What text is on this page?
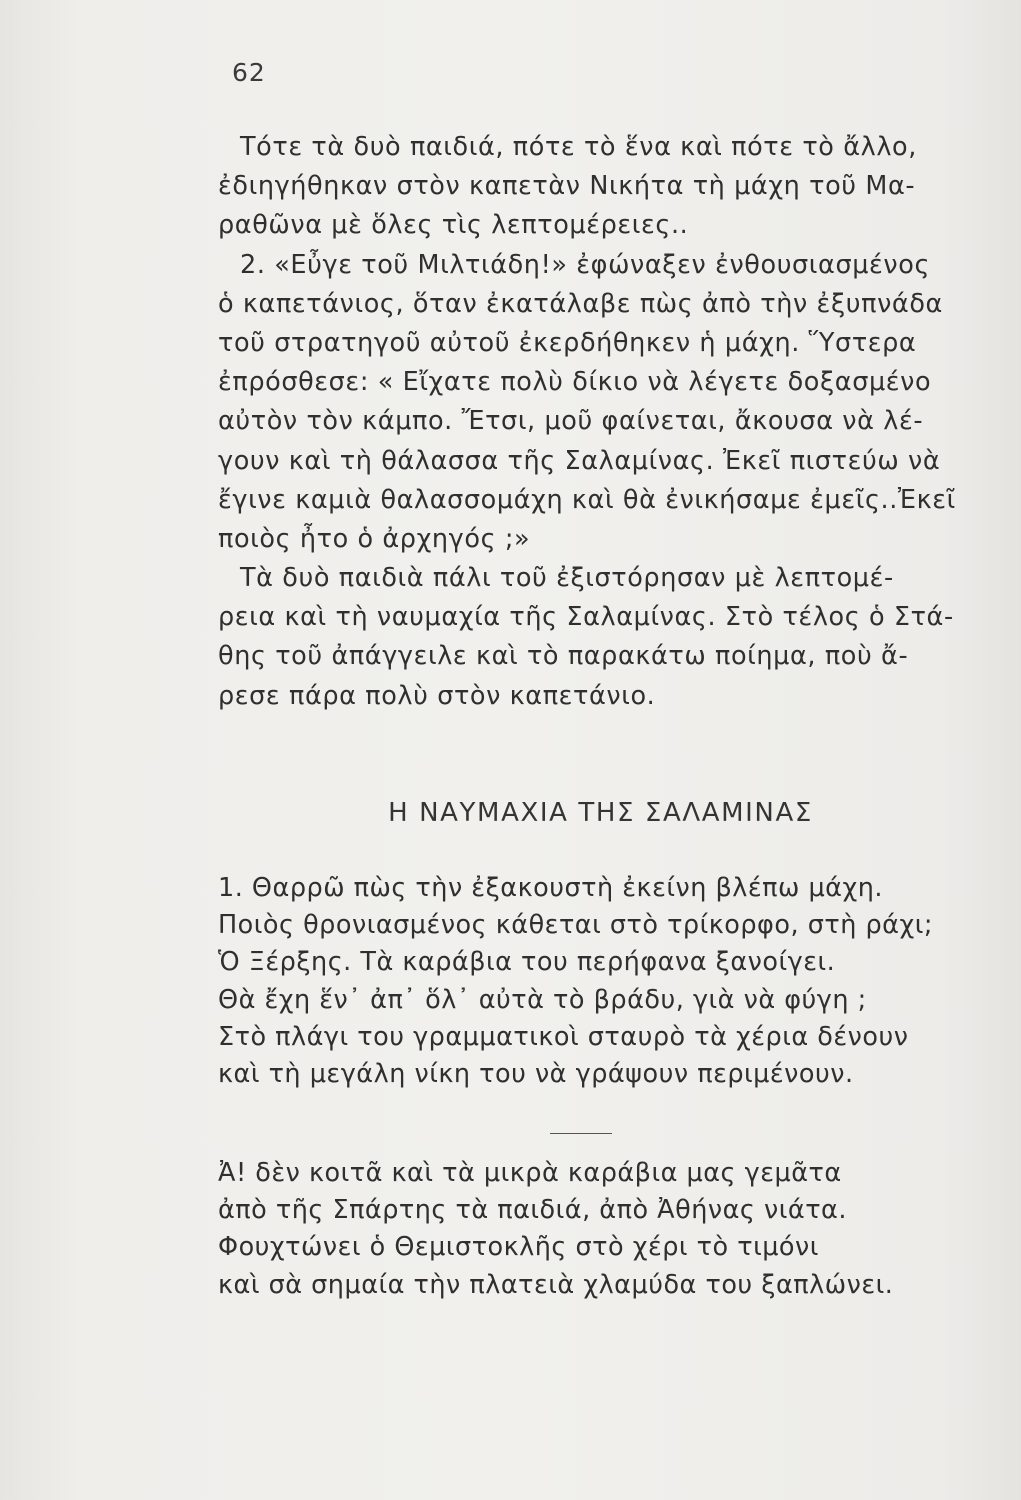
62
Τότε τὰ δυὸ παιδιά, πότε τὸ ἕνα καὶ πότε τὸ ἄλλο,
ἐδιηγήθηκαν στὸν καπετὰν Νικήτα τὴ μάχη τοῦ Μα-
ραθῶνα μὲ ὅλες τὶς λεπτομέρειες..
2. «Εὖγε τοῦ Μιλτιάδη!» ἐφώναξεν ἐνθουσιασμένος
ὁ καπετάνιος, ὅταν ἐκατάλαβε πὼς ἀπὸ τὴν ἐξυπνάδα
τοῦ στρατηγοῦ αὐτοῦ ἐκερδήθηκεν ἡ μάχη. Ὕστερα
ἐπρόσθεσε: « Εἴχατε πολὺ δίκιο νὰ λέγετε δοξασμένο
αὐτὸν τὸν κάμπο. Ἔτσι, μοῦ φαίνεται, ἄκουσα νὰ λέ-
γουν καὶ τὴ θάλασσα τῆς Σαλαμίνας. Ἐκεῖ πιστεύω νὰ
ἔγινε καμιὰ θαλασσομάχη καὶ θὰ ἐνικήσαμε ἐμεῖς..Ἐκεῖ
ποιὸς ἦτο ὁ ἀρχηγός ;»
Τὰ δυὸ παιδιὰ πάλι τοῦ ἐξιστόρησαν μὲ λεπτομέ-
ρεια καὶ τὴ ναυμαχία τῆς Σαλαμίνας. Στὸ τέλος ὁ Στά-
θης τοῦ ἀπάγγειλε καὶ τὸ παρακάτω ποίημα, ποὺ ἄ-
ρεσε πάρα πολὺ στὸν καπετάνιο.
Η ΝΑΥΜΑΧΙΑ ΤΗΣ ΣΑΛΑΜΙΝΑΣ
1. Θαρρῶ πὼς τὴν ἐξακουστὴ ἐκείνη βλέπω μάχη.
Ποιὸς θρονιασμένος κάθεται στὸ τρίκορφο, στὴ ράχι;
Ὁ Ξέρξης. Τὰ καράβια του περήφανα ξανοίγει.
Θὰ ἔχη ἕν᾽ ἀπ᾽ ὅλ᾽ αὐτὰ τὸ βράδυ, γιὰ νὰ φύγη ;
Στὸ πλάγι του γραμματικοὶ σταυρὸ τὰ χέρια δένουν
καὶ τὴ μεγάλη νίκη του νὰ γράψουν περιμένουν.
Ἀ! δὲν κοιτᾶ καὶ τὰ μικρὰ καράβια μας γεμᾶτα
ἀπὸ τῆς Σπάρτης τὰ παιδιά, ἀπὸ Ἀθήνας νιάτα.
Φουχτώνει ὁ Θεμιστοκλῆς στὸ χέρι τὸ τιμόνι
καὶ σὰ σημαία τὴν πλατειὰ χλαμύδα του ξαπλώνει.
